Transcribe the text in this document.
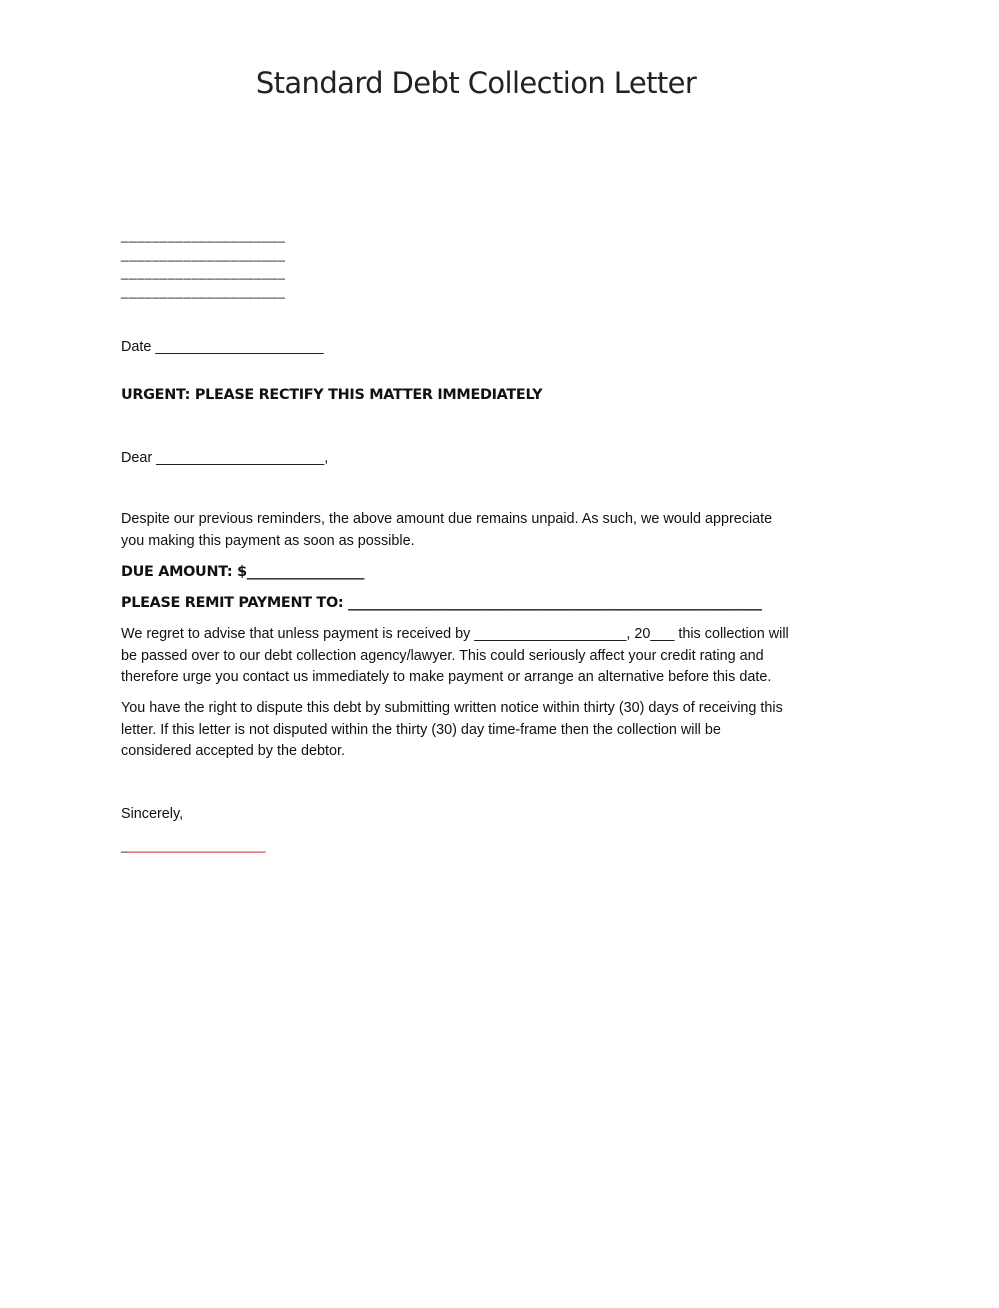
Standard Debt Collection Letter
_____________________
_____________________
_____________________
_____________________
Date _____________________
URGENT: PLEASE RECTIFY THIS MATTER IMMEDIATELY
Dear _____________________,
Despite our previous reminders, the above amount due remains unpaid. As such, we would appreciate
you making this payment as soon as possible.
DUE AMOUNT: $_________________
PLEASE REMIT PAYMENT TO: ____________________________________________________________
We regret to advise that unless payment is received by ___________________, 20___ this collection will
be passed over to our debt collection agency/lawyer. This could seriously affect your credit rating and
therefore urge you contact us immediately to make payment or arrange an alternative before this date.
You have the right to dispute this debt by submitting written notice within thirty (30) days of receiving this
letter. If this letter is not disputed within the thirty (30) day time-frame then the collection will be
considered accepted by the debtor.
Sincerely,
____________________
